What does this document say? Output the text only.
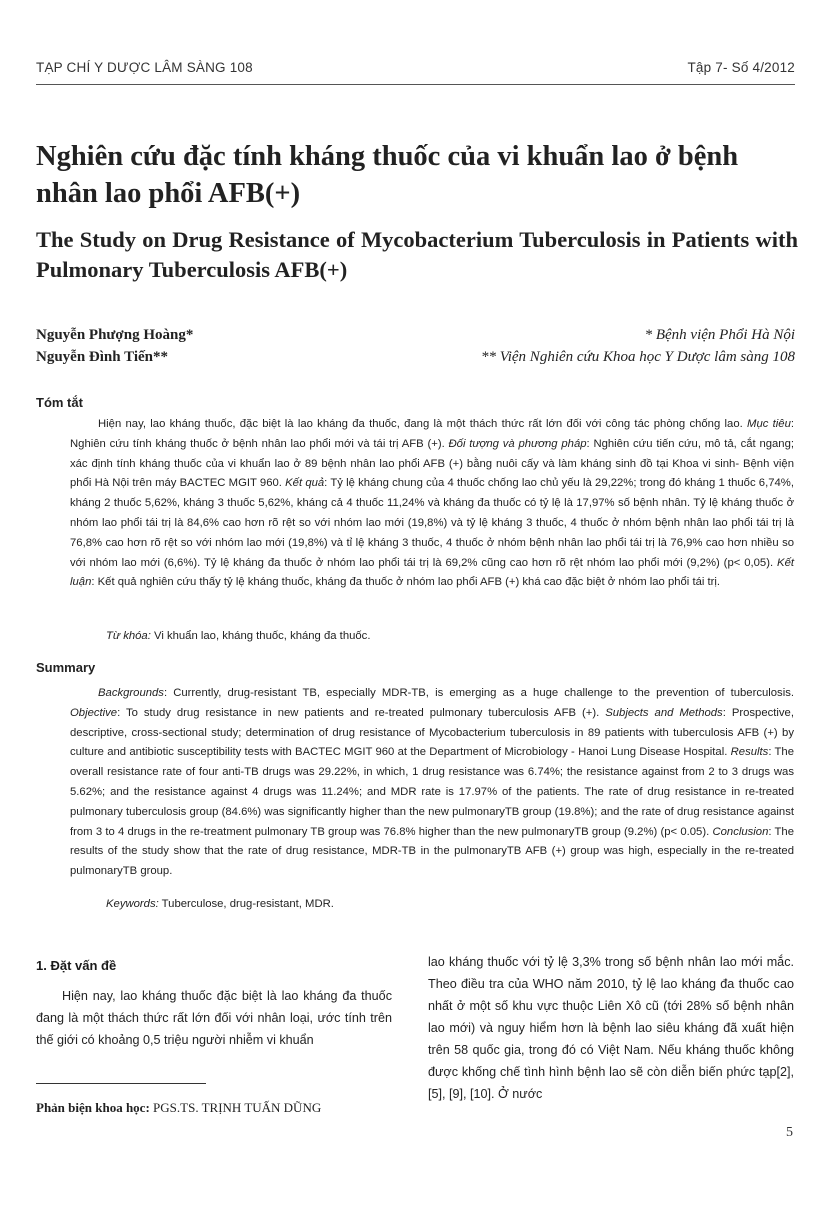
TẠP CHÍ Y DƯỢC LÂM SÀNG 108	Tập 7- Số 4/2012
Nghiên cứu đặc tính kháng thuốc của vi khuẩn lao ở bệnh nhân lao phổi AFB(+)
The Study on Drug Resistance of Mycobacterium Tuberculosis in Patients with Pulmonary Tuberculosis AFB(+)
Nguyễn Phượng Hoàng*	* Bệnh viện Phổi Hà Nội
Nguyễn Đình Tiến**	** Viện Nghiên cứu Khoa học Y Dược lâm sàng 108
Tóm tắt

Hiện nay, lao kháng thuốc, đặc biệt là lao kháng đa thuốc, đang là một thách thức rất lớn đối với công tác phòng chống lao. Mục tiêu: Nghiên cứu tính kháng thuốc ở bệnh nhân lao phổi mới và tái trị AFB (+). Đối tượng và phương pháp: Nghiên cứu tiến cứu, mô tả, cắt ngang; xác định tính kháng thuốc của vi khuẩn lao ở 89 bệnh nhân lao phổi AFB (+) bằng nuôi cấy và làm kháng sinh đồ tại Khoa vi sinh- Bệnh viện phổi Hà Nội trên máy BACTEC MGIT 960. Kết quả: Tỷ lệ kháng chung của 4 thuốc chống lao chủ yếu là 29,22%; trong đó kháng 1 thuốc 6,74%, kháng 2 thuốc 5,62%, kháng 3 thuốc 5,62%, kháng cả 4 thuốc 11,24% và kháng đa thuốc có tỷ lệ là 17,97% số bệnh nhân. Tỷ lệ kháng thuốc ở nhóm lao phổi tái trị là 84,6% cao hơn rõ rệt so với nhóm lao mới (19,8%) và tỷ lệ kháng 3 thuốc, 4 thuốc ở nhóm bệnh nhân lao phổi tái trị là 76,8% cao hơn rõ rệt so với nhóm lao mới (19,8%) và tỉ lệ kháng 3 thuốc, 4 thuốc ở nhóm bệnh nhân lao phổi tái trị là 76,9% cao hơn nhiều so với nhóm lao mới (6,6%). Tỷ lệ kháng đa thuốc ở nhóm lao phổi tái trị là 69,2% cũng cao hơn rõ rệt nhóm lao phổi mới (9,2%) (p< 0,05). Kết luận: Kết quả nghiên cứu thấy tỷ lệ kháng thuốc, kháng đa thuốc ở nhóm lao phổi AFB (+) khá cao đặc biệt ở nhóm lao phổi tái trị.

Từ khóa: Vi khuẩn lao, kháng thuốc, kháng đa thuốc.
Summary

Backgrounds: Currently, drug-resistant TB, especially MDR-TB, is emerging as a huge challenge to the prevention of tuberculosis. Objective: To study drug resistance in new patients and re-treated pulmonary tuberculosis AFB (+). Subjects and Methods: Prospective, descriptive, cross-sectional study; determination of drug resistance of Mycobacterium tuberculosis in 89 patients with tuberculosis AFB (+) by culture and antibiotic susceptibility tests with BACTEC MGIT 960 at the Department of Microbiology - Hanoi Lung Disease Hospital. Results: The overall resistance rate of four anti-TB drugs was 29.22%, in which, 1 drug resistance was 6.74%; the resistance against from 2 to 3 drugs was 5.62%; and the resistance against 4 drugs was 11.24%; and MDR rate is 17.97% of the patients. The rate of drug resistance in re-treated pulmonary tuberculosis group (84.6%) was significantly higher than the new pulmonaryTB group (19.8%); and the rate of drug resistance against from 3 to 4 drugs in the re-treatment pulmonary TB group was 76.8% higher than the new pulmonaryTB group (9.2%) (p< 0.05). Conclusion: The results of the study show that the rate of drug resistance, MDR-TB in the pulmonaryTB AFB (+) group was high, especially in the re-treated pulmonaryTB group.

Keywords: Tuberculose, drug-resistant, MDR.
1. Đặt vấn đề

Hiện nay, lao kháng thuốc đặc biệt là lao kháng đa thuốc đang là một thách thức rất lớn đối với nhân loại, ước tính trên thế giới có khoảng 0,5 triệu người nhiễm vi khuẩn

lao kháng thuốc với tỷ lệ 3,3% trong số bệnh nhân lao mới mắc. Theo điều tra của WHO năm 2010, tỷ lệ lao kháng đa thuốc cao nhất ở một số khu vực thuộc Liên Xô cũ (tới 28% số bệnh nhân lao mới) và nguy hiểm hơn là bệnh lao siêu kháng đã xuất hiện trên 58 quốc gia, trong đó có Việt Nam. Nếu kháng thuốc không được khống chế tình hình bệnh lao sẽ còn diễn biến phức tạp[2], [5], [9], [10]. Ở nước

Phản biện khoa học: PGS.TS. TRỊNH TUẤN DŨNG
5
